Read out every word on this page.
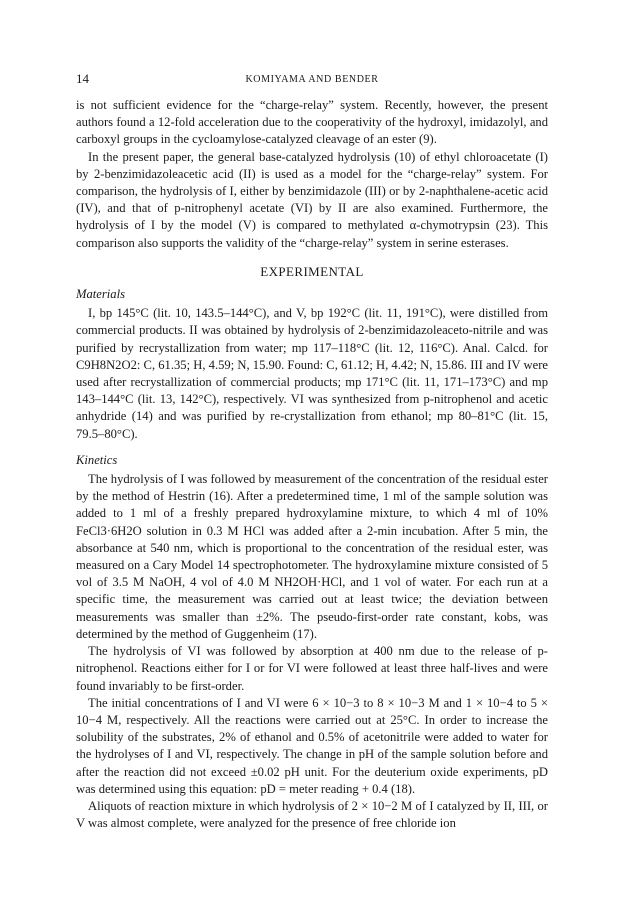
14	KOMIYAMA AND BENDER

is not sufficient evidence for the “charge-relay” system. Recently, however, the present authors found a 12-fold acceleration due to the cooperativity of the hydroxyl, imidazolyl, and carboxyl groups in the cycloamylose-catalyzed cleavage of an ester (9).

In the present paper, the general base-catalyzed hydrolysis (10) of ethyl chloroacetate (I) by 2-benzimidazoleacetic acid (II) is used as a model for the “charge-relay” system. For comparison, the hydrolysis of I, either by benzimidazole (III) or by 2-naphthalene-acetic acid (IV), and that of p-nitrophenyl acetate (VI) by II are also examined. Furthermore, the hydrolysis of I by the model (V) is compared to methylated α-chymotrypsin (23). This comparison also supports the validity of the “charge-relay” system in serine esterases.

EXPERIMENTAL
Materials

I, bp 145°C (lit. 10, 143.5–144°C), and V, bp 192°C (lit. 11, 191°C), were distilled from commercial products. II was obtained by hydrolysis of 2-benzimidazoleaceto-nitrile and was purified by recrystallization from water; mp 117–118°C (lit. 12, 116°C). Anal. Calcd. for C9H8N2O2: C, 61.35; H, 4.59; N, 15.90. Found: C, 61.12; H, 4.42; N, 15.86. III and IV were used after recrystallization of commercial products; mp 171°C (lit. 11, 171–173°C) and mp 143–144°C (lit. 13, 142°C), respectively. VI was synthesized from p-nitrophenol and acetic anhydride (14) and was purified by re-crystallization from ethanol; mp 80–81°C (lit. 15, 79.5–80°C).

Kinetics

The hydrolysis of I was followed by measurement of the concentration of the residual ester by the method of Hestrin (16). After a predetermined time, 1 ml of the sample solution was added to 1 ml of a freshly prepared hydroxylamine mixture, to which 4 ml of 10% FeCl3·6H2O solution in 0.3 M HCl was added after a 2-min incubation. After 5 min, the absorbance at 540 nm, which is proportional to the concentration of the residual ester, was measured on a Cary Model 14 spectrophotometer. The hydroxylamine mixture consisted of 5 vol of 3.5 M NaOH, 4 vol of 4.0 M NH2OH·HCl, and 1 vol of water. For each run at a specific time, the measurement was carried out at least twice; the deviation between measurements was smaller than ±2%. The pseudo-first-order rate constant, kobs, was determined by the method of Guggenheim (17).

The hydrolysis of VI was followed by absorption at 400 nm due to the release of p-nitrophenol. Reactions either for I or for VI were followed at least three half-lives and were found invariably to be first-order.

The initial concentrations of I and VI were 6 × 10−3 to 8 × 10−3 M and 1 × 10−4 to 5 × 10−4 M, respectively. All the reactions were carried out at 25°C. In order to increase the solubility of the substrates, 2% of ethanol and 0.5% of acetonitrile were added to water for the hydrolyses of I and VI, respectively. The change in pH of the sample solution before and after the reaction did not exceed ±0.02 pH unit. For the deuterium oxide experiments, pD was determined using this equation: pD = meter reading + 0.4 (18).

Aliquots of reaction mixture in which hydrolysis of 2 × 10−2 M of I catalyzed by II, III, or V was almost complete, were analyzed for the presence of free chloride ion
